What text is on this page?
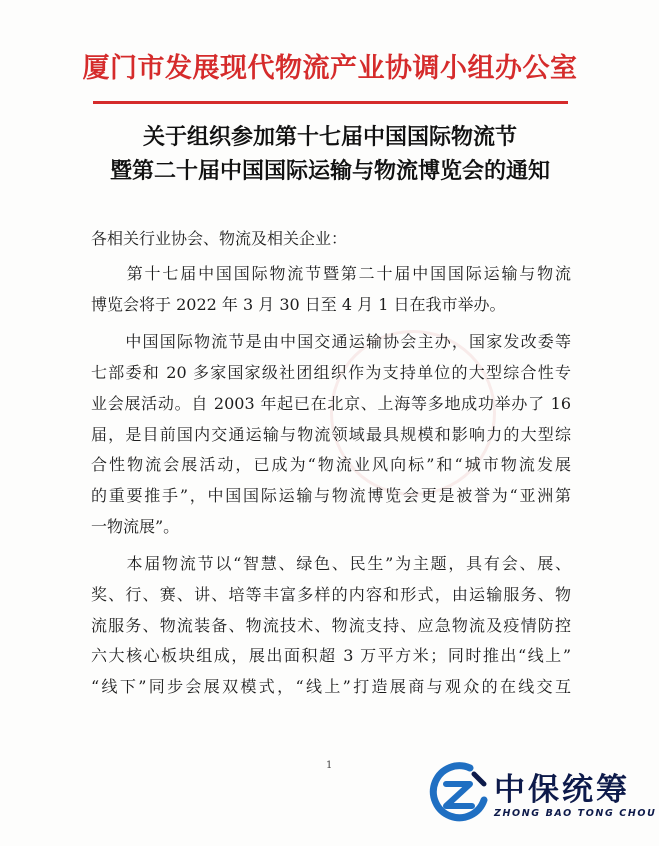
厦门市发展现代物流产业协调小组办公室
关于组织参加第十七届中国国际物流节
暨第二十届中国国际运输与物流博览会的通知
各相关行业协会、物流及相关企业：
　　第十七届中国国际物流节暨第二十届中国国际运输与物流
博览会将于 2022 年 3 月 30 日至 4 月 1 日在我市举办。
　　中国国际物流节是由中国交通运输协会主办，国家发改委等
七部委和 20 多家国家级社团组织作为支持单位的大型综合性专
业会展活动。自 2003 年起已在北京、上海等多地成功举办了 16
届，是目前国内交通运输与物流领域最具规模和影响力的大型综
合性物流会展活动，已成为“物流业风向标”和“城市物流发展
的重要推手”，中国国际运输与物流博览会更是被誉为“亚洲第
一物流展”。
　　本届物流节以“智慧、绿色、民生”为主题，具有会、展、
奖、行、赛、讲、培等丰富多样的内容和形式，由运输服务、物
流服务、物流装备、物流技术、物流支持、应急物流及疫情防控
六大核心板块组成，展出面积超 3 万平方米；同时推出“线上”
“线下”同步会展双模式，“线上”打造展商与观众的在线交互
1
中保统筹
ZHONG BAO TONG CHOU
